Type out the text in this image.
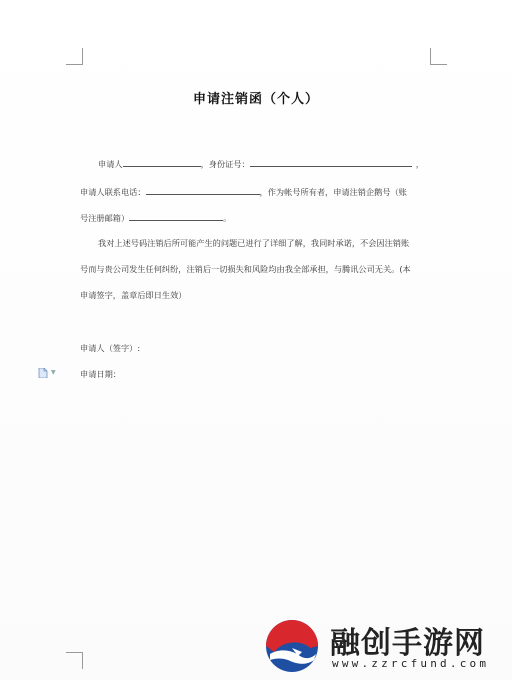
申请注销函（个人）
申请人	，身份证号：	，
申请人联系电话：	，作为帐号所有者，申请注销企鹅号（账
号注册邮箱）	。
我对上述号码注销后所可能产生的问题已进行了详细了解，我同时承诺，不会因注销账
号而与贵公司发生任何纠纷，注销后一切损失和风险均由我全部承担，与腾讯公司无关。(本
申请签字，盖章后即日生效）
申请人（签字）:
申请日期：
▼
融创手游网
www.zzrcfund.com
